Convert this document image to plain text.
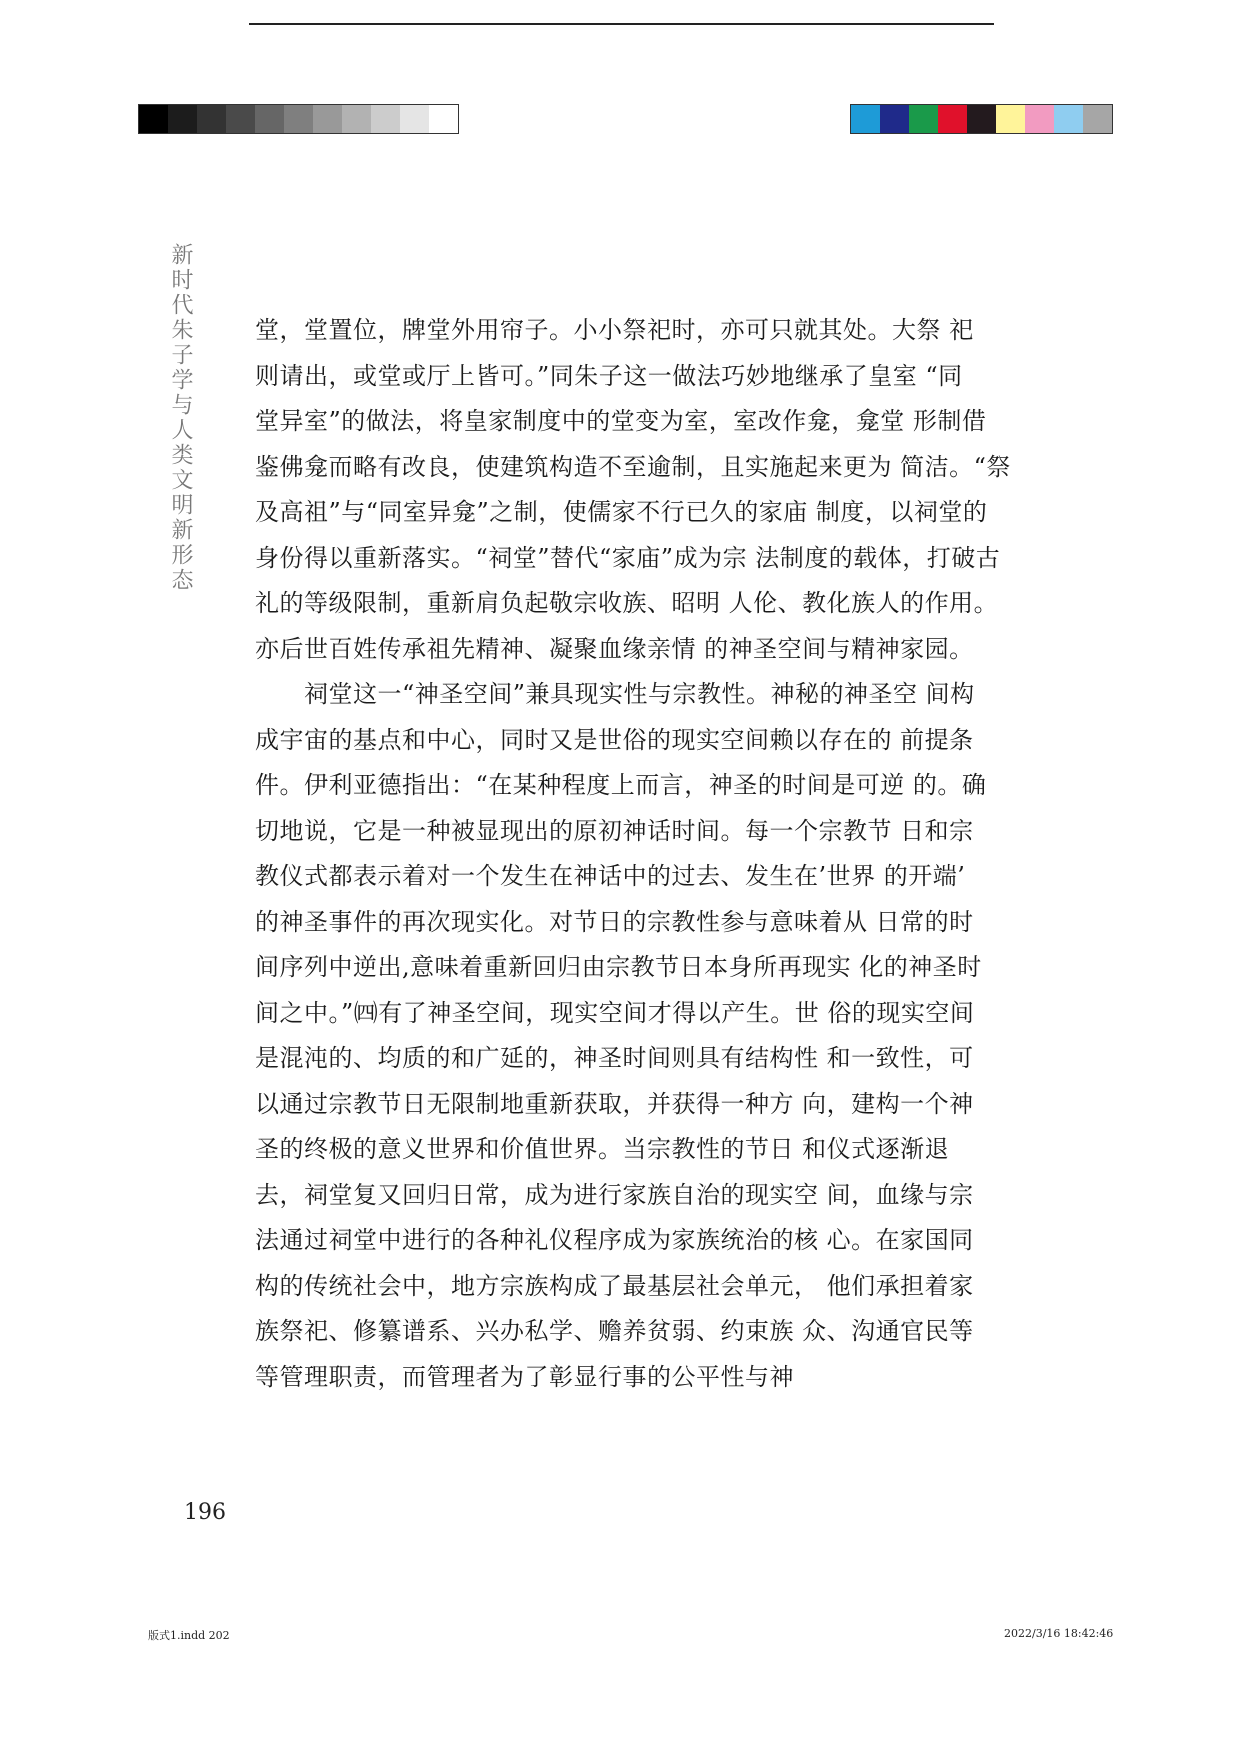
新时代朱子学与人类文明新形态	堂，堂置位，牌堂外用帘子。小小祭祀时，亦可只就其处。大祭 祀
则请出，或堂或厅上皆可。”同朱子这一做法巧妙地继承了皇室 “同
堂异室”的做法，将皇家制度中的堂变为室，室改作龛，龛堂 形制借
鉴佛龛而略有改良，使建筑构造不至逾制，且实施起来更为 简洁。“祭
及高祖”与“同室异龛”之制，使儒家不行已久的家庙 制度，以祠堂的
身份得以重新落实。“祠堂”替代“家庙”成为宗 法制度的载体，打破古
礼的等级限制，重新肩负起敬宗收族、昭明 人伦、教化族人的作用。
亦后世百姓传承祖先精神、凝聚血缘亲情 的神圣空间与精神家园。
　　祠堂这一“神圣空间”兼具现实性与宗教性。神秘的神圣空 间构
成宇宙的基点和中心，同时又是世俗的现实空间赖以存在的 前提条
件。伊利亚德指出：“在某种程度上而言，神圣的时间是可逆 的。确
切地说，它是一种被显现出的原初神话时间。每一个宗教节 日和宗
教仪式都表示着对一个发生在神话中的过去、发生在’世界 的开端’
的神圣事件的再次现实化。对节日的宗教性参与意味着从 日常的时
间序列中逆出,意味着重新回归由宗教节日本身所再现实 化的神圣时
间之中。”㈣有了神圣空间，现实空间才得以产生。世 俗的现实空间
是混沌的、均质的和广延的，神圣时间则具有结构性 和一致性，可
以通过宗教节日无限制地重新获取，并获得一种方 向，建构一个神
圣的终极的意义世界和价值世界。当宗教性的节日 和仪式逐渐退
去，祠堂复又回归日常，成为进行家族自治的现实空 间，血缘与宗
法通过祠堂中进行的各种礼仪程序成为家族统治的核 心。在家国同
构的传统社会中，地方宗族构成了最基层社会单元， 他们承担着家
族祭祀、修纂谱系、兴办私学、赡养贫弱、约束族 众、沟通官民等
等管理职责，而管理者为了彰显行事的公平性与神
196
版式1.indd 202	2022/3/16 18:42:46
